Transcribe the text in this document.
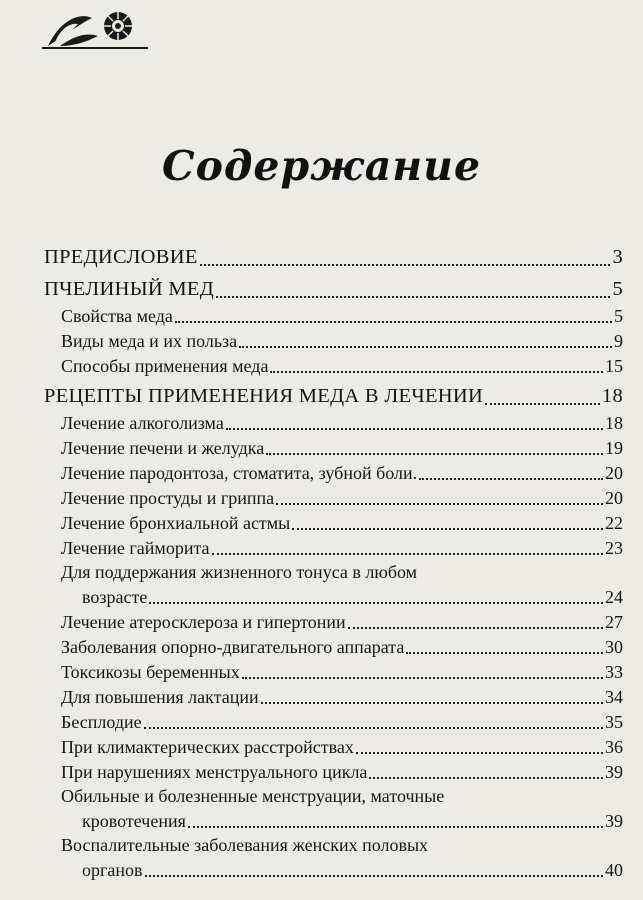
Содержание
ПРЕДИСЛОВИЕ	3
ПЧЕЛИНЫЙ МЕД	5
Свойства меда	5
Виды меда и их польза	9
Способы применения меда	15
РЕЦЕПТЫ ПРИМЕНЕНИЯ МЕДА В ЛЕЧЕНИИ	18
Лечение алкоголизма	18
Лечение печени и желудка	19
Лечение пародонтоза, стоматита, зубной боли.	20
Лечение простуды и гриппа	20
Лечение бронхиальной астмы	22
Лечение гайморита	23
Для поддержания жизненного тонуса в любом
возрасте	24
Лечение атеросклероза и гипертонии	27
Заболевания опорно-двигательного аппарата	30
Токсикозы беременных	33
Для повышения лактации	34
Бесплодие	35
При климактерических расстройствах	36
При нарушениях менструального цикла	39
Обильные и болезненные менструации, маточные
кровотечения	39
Воспалительные заболевания женских половых
органов	40
